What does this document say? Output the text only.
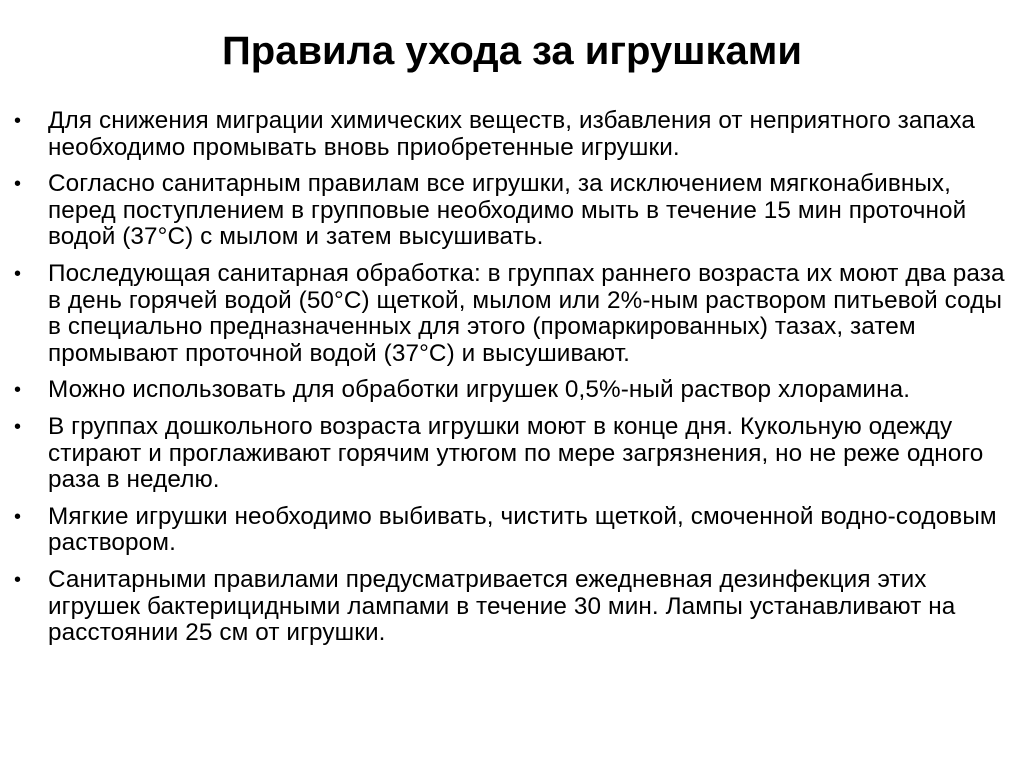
Правила ухода за игрушками
•	Для снижения миграции химических веществ, избавления от неприятного запаха необходимо промывать вновь приобретенные игрушки.
•	Согласно санитарным правилам все игрушки, за исключением мягконабивных, перед поступлением в групповые необходимо мыть в течение 15 мин проточной водой (37°С) с мылом и затем высушивать.
•	Последующая санитарная обработка: в группах раннего возраста их моют два раза в день горячей водой (50°С) щеткой, мылом или 2%-ным раствором питьевой соды в специально предназначенных для этого (промаркированных) тазах, затем промывают проточной водой (37°С) и высушивают.
•	Можно использовать для обработки игрушек 0,5%-ный раствор хлорамина.
•	В группах дошкольного возраста игрушки моют в конце дня. Кукольную одежду стирают и проглаживают горячим утюгом по мере загрязнения, но не реже одного раза в неделю.
•	Мягкие игрушки необходимо выбивать, чистить щеткой, смоченной водно-содовым раствором.
•	Санитарными правилами предусматривается ежедневная дезинфекция этих игрушек бактерицидными лампами в течение 30 мин. Лампы устанавливают на расстоянии 25 см от игрушки.
